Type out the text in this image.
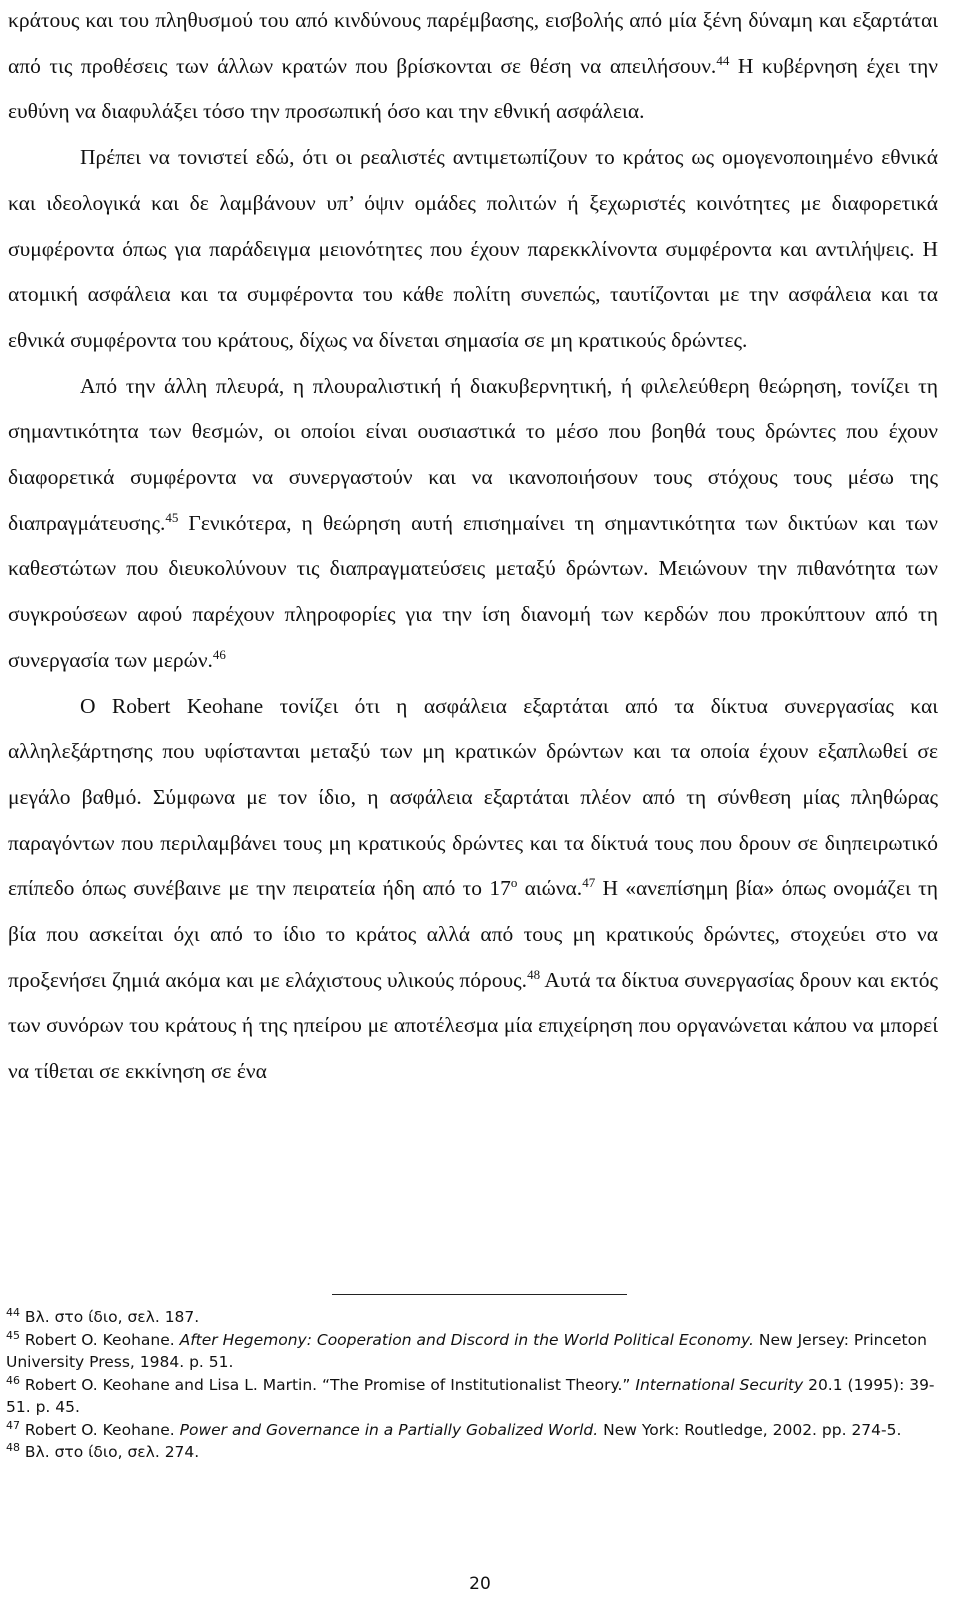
κράτους και του πληθυσμού του από κινδύνους παρέμβασης, εισβολής από μία ξένη δύναμη και εξαρτάται από τις προθέσεις των άλλων κρατών που βρίσκονται σε θέση να απειλήσουν.$^{44}$ Η κυβέρνηση έχει την ευθύνη να διαφυλάξει τόσο την προσωπική όσο και την εθνική ασφάλεια.

Πρέπει να τονιστεί εδώ, ότι οι ρεαλιστές αντιμετωπίζουν το κράτος ως ομογενοποιημένο εθνικά και ιδεολογικά και δε λαμβάνουν υπ’ όψιν ομάδες πολιτών ή ξεχωριστές κοινότητες με διαφορετικά συμφέροντα όπως για παράδειγμα μειονότητες που έχουν παρεκκλίνοντα συμφέροντα και αντιλήψεις. Η ατομική ασφάλεια και τα συμφέροντα του κάθε πολίτη συνεπώς, ταυτίζονται με την ασφάλεια και τα εθνικά συμφέροντα του κράτους, δίχως να δίνεται σημασία σε μη κρατικούς δρώντες.

Από την άλλη πλευρά, η πλουραλιστική ή διακυβερνητική, ή φιλελεύθερη θεώρηση, τονίζει τη σημαντικότητα των θεσμών, οι οποίοι είναι ουσιαστικά το μέσο που βοηθά τους δρώντες που έχουν διαφορετικά συμφέροντα να συνεργαστούν και να ικανοποιήσουν τους στόχους τους μέσω της διαπραγμάτευσης.$^{45}$ Γενικότερα, η θεώρηση αυτή επισημαίνει τη σημαντικότητα των δικτύων και των καθεστώτων που διευκολύνουν τις διαπραγματεύσεις μεταξύ δρώντων. Μειώνουν την πιθανότητα των συγκρούσεων αφού παρέχουν πληροφορίες για την ίση διανομή των κερδών που προκύπτουν από τη συνεργασία των μερών.$^{46}$

O Robert Keohane τονίζει ότι η ασφάλεια εξαρτάται από τα δίκτυα συνεργασίας και αλληλεξάρτησης που υφίστανται μεταξύ των μη κρατικών δρώντων και τα οποία έχουν εξαπλωθεί σε μεγάλο βαθμό. Σύμφωνα με τον ίδιο, η ασφάλεια εξαρτάται πλέον από τη σύνθεση μίας πληθώρας παραγόντων που περιλαμβάνει τους μη κρατικούς δρώντες και τα δίκτυά τους που δρουν σε διηπειρωτικό επίπεδο όπως συνέβαινε με την πειρατεία ήδη από το $17^o$ αιώνα.$^{47}$ Η «ανεπίσημη βία» όπως ονομάζει τη βία που ασκείται όχι από το ίδιο το κράτος αλλά από τους μη κρατικούς δρώντες, στοχεύει στο να προξενήσει ζημιά ακόμα και με ελάχιστους υλικούς πόρους.$^{48}$ Αυτά τα δίκτυα συνεργασίας δρουν και εκτός των συνόρων του κράτους ή της ηπείρου με αποτέλεσμα μία επιχείρηση που οργανώνεται κάπου να μπορεί να τίθεται σε εκκίνηση σε ένα

$^{44}$ Βλ. στο ίδιο, σελ. 187.

$^{45}$ Robert O. Keohane. After Hegemony: Cooperation and Discord in the World Political Economy. New Jersey: Princeton University Press, 1984. p. 51.

$^{46}$ Robert O. Keohane and Lisa L. Martin. “The Promise of Institutionalist Theory.” International Security 20.1 (1995): 39-51. p. 45.

$^{47}$ Robert O. Keohane. Power and Governance in a Partially Gobalized World. New York: Routledge, 2002. pp. 274-5.

$^{48}$ Βλ. στο ίδιο, σελ. 274.

20
